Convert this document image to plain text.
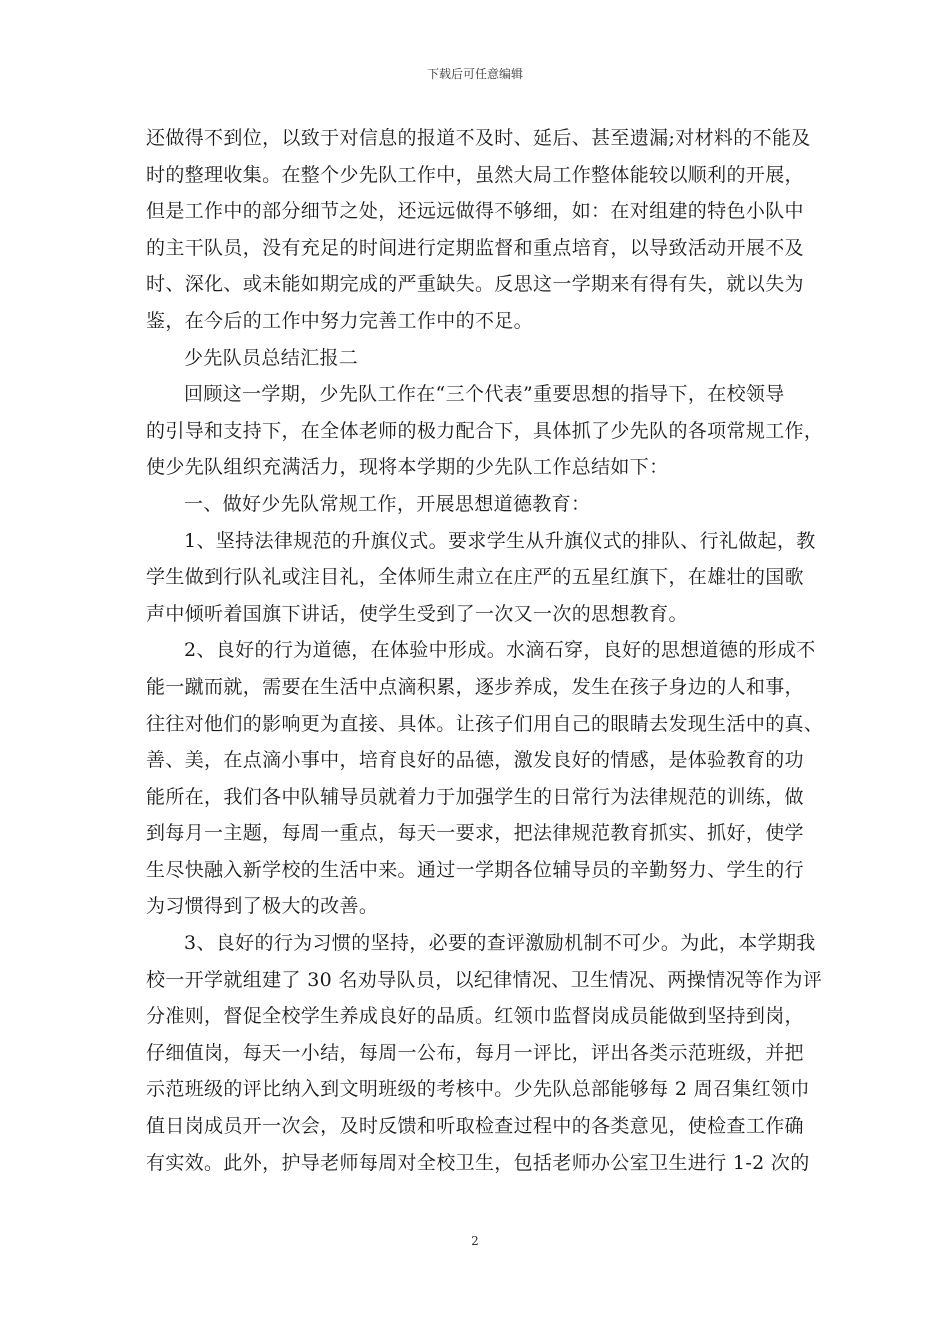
下载后可任意编辑
还做得不到位，以致于对信息的报道不及时、延后、甚至遗漏;对材料的不能及
时的整理收集。在整个少先队工作中，虽然大局工作整体能较以顺利的开展，
但是工作中的部分细节之处，还远远做得不够细，如：在对组建的特色小队中
的主干队员，没有充足的时间进行定期监督和重点培育，以导致活动开展不及
时、深化、或未能如期完成的严重缺失。反思这一学期来有得有失，就以失为
鉴，在今后的工作中努力完善工作中的不足。
少先队员总结汇报二
回顾这一学期，少先队工作在“三个代表”重要思想的指导下，在校领导
的引导和支持下，在全体老师的极力配合下，具体抓了少先队的各项常规工作，
使少先队组织充满活力，现将本学期的少先队工作总结如下：
一、做好少先队常规工作，开展思想道德教育：
1、坚持法律规范的升旗仪式。要求学生从升旗仪式的排队、行礼做起，教
学生做到行队礼或注目礼，全体师生肃立在庄严的五星红旗下，在雄壮的国歌
声中倾听着国旗下讲话，使学生受到了一次又一次的思想教育。
2、良好的行为道德，在体验中形成。水滴石穿，良好的思想道德的形成不
能一蹴而就，需要在生活中点滴积累，逐步养成，发生在孩子身边的人和事，
往往对他们的影响更为直接、具体。让孩子们用自己的眼睛去发现生活中的真、
善、美，在点滴小事中，培育良好的品德，激发良好的情感，是体验教育的功
能所在，我们各中队辅导员就着力于加强学生的日常行为法律规范的训练，做
到每月一主题，每周一重点，每天一要求，把法律规范教育抓实、抓好，使学
生尽快融入新学校的生活中来。通过一学期各位辅导员的辛勤努力、学生的行
为习惯得到了极大的改善。
3、良好的行为习惯的坚持，必要的查评激励机制不可少。为此，本学期我
校一开学就组建了 30 名劝导队员，以纪律情况、卫生情况、两操情况等作为评
分准则，督促全校学生养成良好的品质。红领巾监督岗成员能做到坚持到岗，
仔细值岗，每天一小结，每周一公布，每月一评比，评出各类示范班级，并把
示范班级的评比纳入到文明班级的考核中。少先队总部能够每 2 周召集红领巾
值日岗成员开一次会，及时反馈和听取检查过程中的各类意见，使检查工作确
有实效。此外，护导老师每周对全校卫生，包括老师办公室卫生进行 1-2 次的
2
